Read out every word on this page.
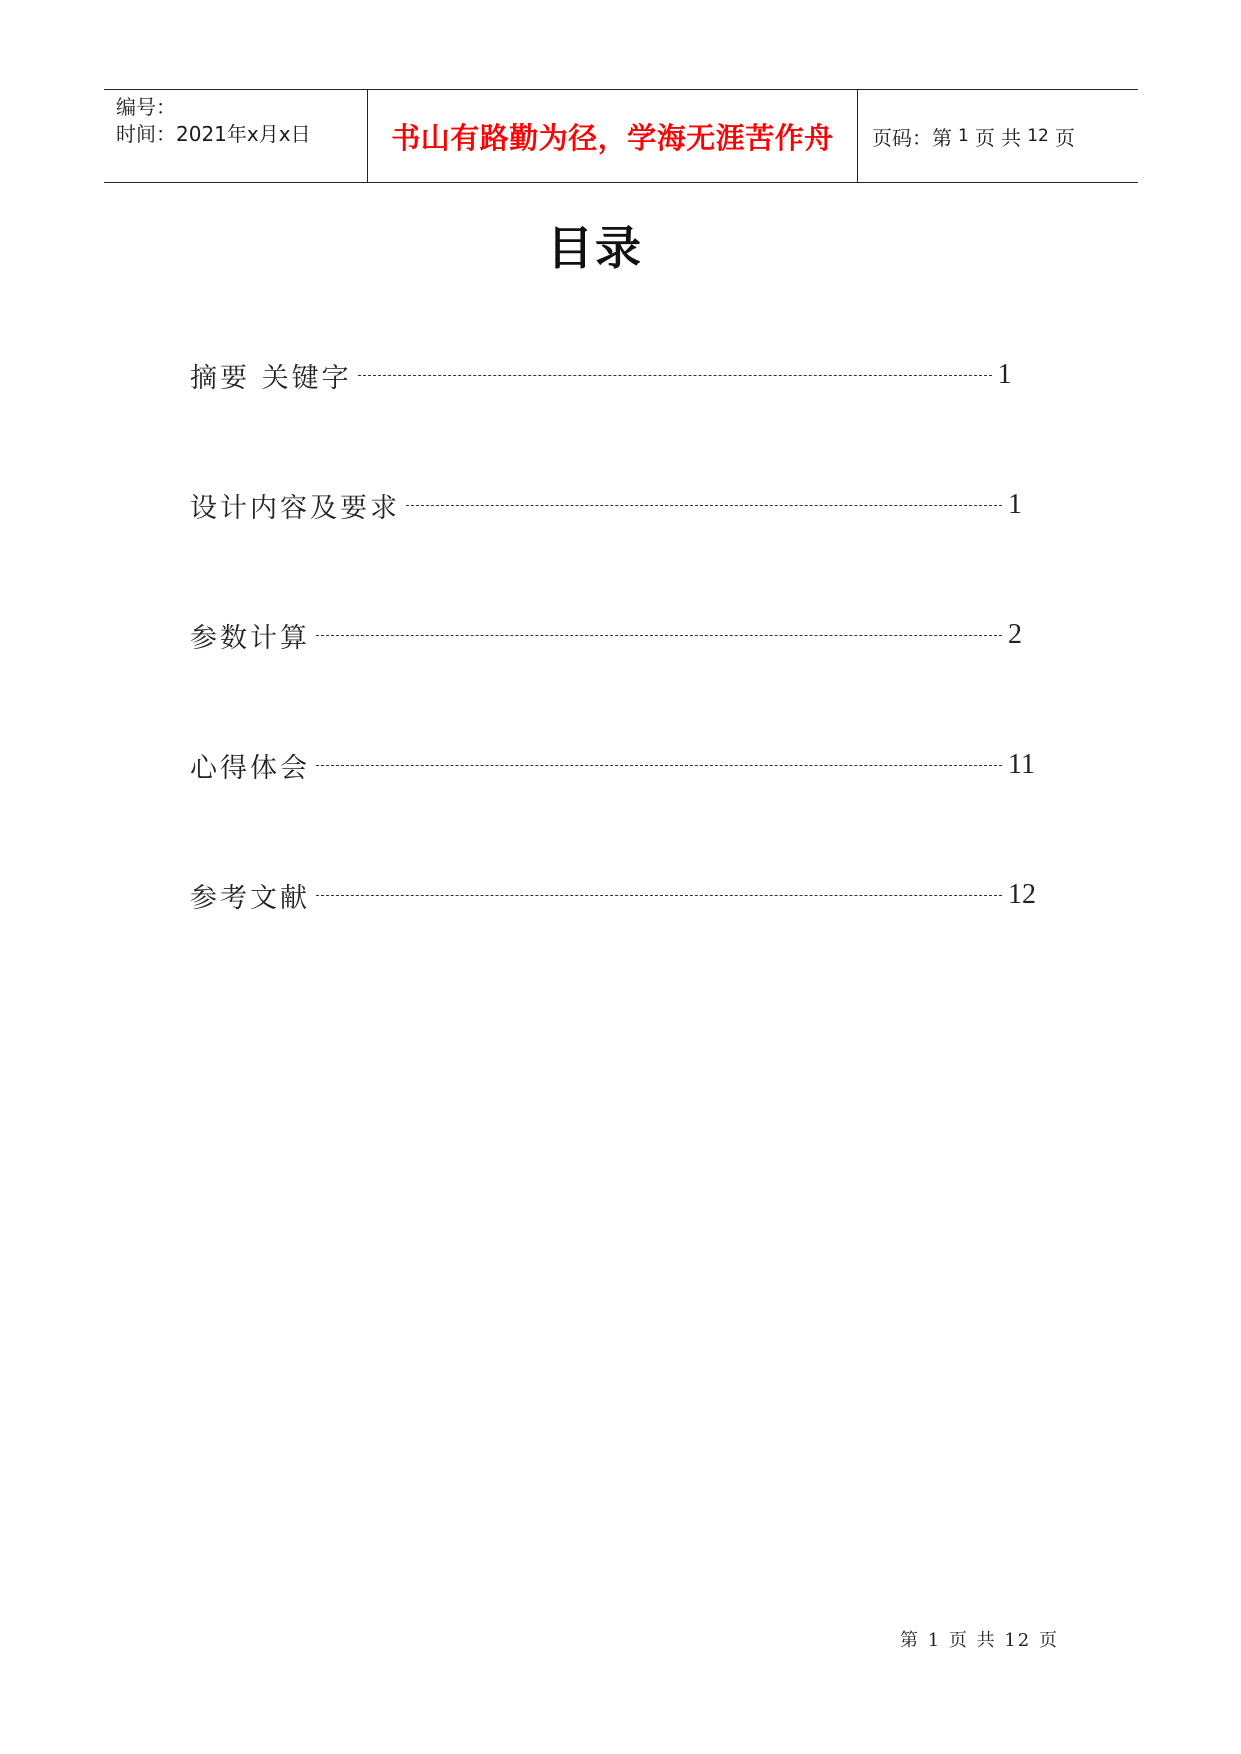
编号：
时间：2021年x月x日	书山有路勤为径，学海无涯苦作舟 页码：第 1 页 共 12 页
目录
摘要 关键字	1
设计内容及要求	1
参数计算	2
心得体会	11
参考文献	12
第 1 页 共 12 页
